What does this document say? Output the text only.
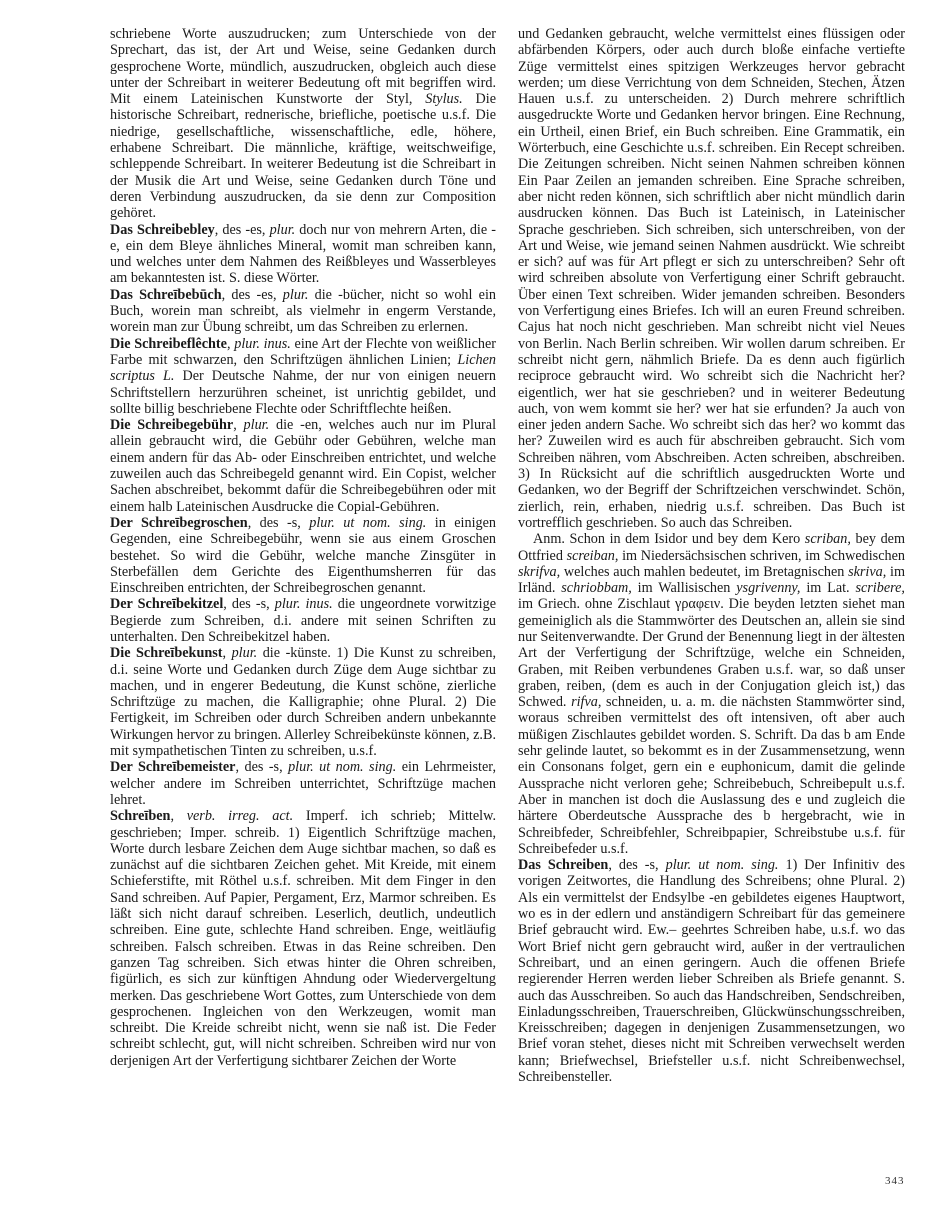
schriebene Worte auszudrucken; zum Unterschiede von der Sprechart, das ist, der Art und Weise, seine Gedanken durch gesprochene Worte, mündlich, auszudrucken, obgleich auch diese unter der Schreibart in weiterer Bedeutung oft mit begriffen wird. Mit einem Lateinischen Kunstworte der Styl, Stylus. Die historische Schreibart, rednerische, briefliche, poetische u.s.f. Die niedrige, gesellschaftliche, wissenschaftliche, edle, höhere, erhabene Schreibart. Die männliche, kräftige, weitschweifige, schleppende Schreibart. In weiterer Bedeutung ist die Schreibart in der Musik die Art und Weise, seine Gedanken durch Töne und deren Verbindung auszudrucken, da sie denn zur Composition gehöret.

Das Schreibebley, des -es, plur. doch nur von mehrern Arten, die -e, ein dem Bleye ähnliches Mineral, womit man schreiben kann, und welches unter dem Nahmen des Reißbleyes und Wasserbleyes am bekanntesten ist. S. diese Wörter.

Das Schreībebūch, des -es, plur. die -bücher, nicht so wohl ein Buch, worein man schreibt, als vielmehr in engerm Verstande, worein man zur Übung schreibt, um das Schreiben zu erlernen.

Die Schreibeflêchte, plur. inus. eine Art der Flechte von weißlicher Farbe mit schwarzen, den Schriftzügen ähnlichen Linien; Lichen scriptus L. Der Deutsche Nahme, der nur von einigen neuern Schriftstellern herzurühren scheinet, ist unrichtig gebildet, und sollte billig beschriebene Flechte oder Schriftflechte heißen.

Die Schreibegebühr, plur. die -en, welches auch nur im Plural allein gebraucht wird, die Gebühr oder Gebühren, welche man einem andern für das Ab- oder Einschreiben entrichtet, und welche zuweilen auch das Schreibegeld genannt wird. Ein Copist, welcher Sachen abschreibet, bekommt dafür die Schreibegebühren oder mit einem halb Lateinischen Ausdrucke die Copial-Gebühren.

Der Schreībegroschen, des -s, plur. ut nom. sing. in einigen Gegenden, eine Schreibegebühr, wenn sie aus einem Groschen bestehet. So wird die Gebühr, welche manche Zinsgüter in Sterbefällen dem Gerichte des Eigenthumsherren für das Einschreiben entrichten, der Schreibegroschen genannt.

Der Schreībekitzel, des -s, plur. inus. die ungeordnete vorwitzige Begierde zum Schreiben, d.i. andere mit seinen Schriften zu unterhalten. Den Schreibekitzel haben.

Die Schreībekunst, plur. die -künste. 1) Die Kunst zu schreiben, d.i. seine Worte und Gedanken durch Züge dem Auge sichtbar zu machen, und in engerer Bedeutung, die Kunst schöne, zierliche Schriftzüge zu machen, die Kalligraphie; ohne Plural. 2) Die Fertigkeit, im Schreiben oder durch Schreiben andern unbekannte Wirkungen hervor zu bringen. Allerley Schreibekünste können, z.B. mit sympathetischen Tinten zu schreiben, u.s.f.

Der Schreībemeister, des -s, plur. ut nom. sing. ein Lehrmeister, welcher andere im Schreiben unterrichtet, Schriftzüge machen lehret.

Schreīben, verb. irreg. act. Imperf. ich schrieb; Mittelw. geschrieben; Imper. schreib. 1) Eigentlich Schriftzüge machen, Worte durch lesbare Zeichen dem Auge sichtbar machen, so daß es zunächst auf die sichtbaren Zeichen gehet. Mit Kreide, mit einem Schieferstifte, mit Röthel u.s.f. schreiben. Mit dem Finger in den Sand schreiben. Auf Papier, Pergament, Erz, Marmor schreiben. Es läßt sich nicht darauf schreiben. Leserlich, deutlich, undeutlich schreiben. Eine gute, schlechte Hand schreiben. Enge, weitläufig schreiben. Falsch schreiben. Etwas in das Reine schreiben. Den ganzen Tag schreiben. Sich etwas hinter die Ohren schreiben, figürlich, es sich zur künftigen Ahndung oder Wiedervergeltung merken. Das geschriebene Wort Gottes, zum Unterschiede von dem gesprochenen. Ingleichen von den Werkzeugen, womit man schreibt. Die Kreide schreibt nicht, wenn sie naß ist. Die Feder schreibt schlecht, gut, will nicht schreiben. Schreiben wird nur von derjenigen Art der Verfertigung sichtbarer Zeichen der Worte

und Gedanken gebraucht, welche vermittelst eines flüssigen oder abfärbenden Körpers, oder auch durch bloße einfache vertiefte Züge vermittelst eines spitzigen Werkzeuges hervor gebracht werden; um diese Verrichtung von dem Schneiden, Stechen, Ätzen Hauen u.s.f. zu unterscheiden. 2) Durch mehrere schriftlich ausgedruckte Worte und Gedanken hervor bringen. Eine Rechnung, ein Urtheil, einen Brief, ein Buch schreiben. Eine Grammatik, ein Wörterbuch, eine Geschichte u.s.f. schreiben. Ein Recept schreiben. Die Zeitungen schreiben. Nicht seinen Nahmen schreiben können Ein Paar Zeilen an jemanden schreiben. Eine Sprache schreiben, aber nicht reden können, sich schriftlich aber nicht mündlich darin ausdrucken können. Das Buch ist Lateinisch, in Lateinischer Sprache geschrieben. Sich schreiben, sich unterschreiben, von der Art und Weise, wie jemand seinen Nahmen ausdrückt. Wie schreibt er sich? auf was für Art pflegt er sich zu unterschreiben? Sehr oft wird schreiben absolute von Verfertigung einer Schrift gebraucht. Über einen Text schreiben. Wider jemanden schreiben. Besonders von Verfertigung eines Briefes. Ich will an euren Freund schreiben. Cajus hat noch nicht geschrieben. Man schreibt nicht viel Neues von Berlin. Nach Berlin schreiben. Wir wollen darum schreiben. Er schreibt nicht gern, nähmlich Briefe. Da es denn auch figürlich reciproce gebraucht wird. Wo schreibt sich die Nachricht her? eigentlich, wer hat sie geschrieben? und in weiterer Bedeutung auch, von wem kommt sie her? wer hat sie erfunden? Ja auch von einer jeden andern Sache. Wo schreibt sich das her? wo kommt das her? Zuweilen wird es auch für abschreiben gebraucht. Sich vom Schreiben nähren, vom Abschreiben. Acten schreiben, abschreiben. 3) In Rücksicht auf die schriftlich ausgedruckten Worte und Gedanken, wo der Begriff der Schriftzeichen verschwindet. Schön, zierlich, rein, erhaben, niedrig u.s.f. schreiben. Das Buch ist vortrefflich geschrieben. So auch das Schreiben.

Anm. Schon in dem Isidor und bey dem Kero scriban, bey dem Ottfried screiban, im Niedersächsischen schriven, im Schwedischen skrifva, welches auch mahlen bedeutet, im Bretagnischen skriva, im Irländ. schriobbam, im Wallisischen ysgrivenny, im Lat. scribere, im Griech. ohne Zischlaut γραφειν. Die beyden letzten siehet man gemeiniglich als die Stammwörter des Deutschen an, allein sie sind nur Seitenverwandte. Der Grund der Benennung liegt in der ältesten Art der Verfertigung der Schriftzüge, welche ein Schneiden, Graben, mit Reiben verbundenes Graben u.s.f. war, so daß unser graben, reiben, (dem es auch in der Conjugation gleich ist,) das Schwed. rifva, schneiden, u. a. m. die nächsten Stammwörter sind, woraus schreiben vermittelst des oft intensiven, oft aber auch müßigen Zischlautes gebildet worden. S. Schrift. Da das b am Ende sehr gelinde lautet, so bekommt es in der Zusammensetzung, wenn ein Consonans folget, gern ein e euphonicum, damit die gelinde Aussprache nicht verloren gehe; Schreibebuch, Schreibepult u.s.f. Aber in manchen ist doch die Auslassung des e und zugleich die härtere Oberdeutsche Aussprache des b hergebracht, wie in Schreibfeder, Schreibfehler, Schreibpapier, Schreibstube u.s.f. für Schreibefeder u.s.f.

Das Schreiben, des -s, plur. ut nom. sing. 1) Der Infinitiv des vorigen Zeitwortes, die Handlung des Schreibens; ohne Plural. 2) Als ein vermittelst der Endsylbe -en gebildetes eigenes Hauptwort, wo es in der edlern und anständigern Schreibart für das gemeinere Brief gebraucht wird. Ew.– geehrtes Schreiben habe, u.s.f. wo das Wort Brief nicht gern gebraucht wird, außer in der vertraulichen Schreibart, und an einen geringern. Auch die offenen Briefe regierender Herren werden lieber Schreiben als Briefe genannt. S. auch das Ausschreiben. So auch das Handschreiben, Sendschreiben, Einladungsschreiben, Trauerschreiben, Glückwünschungsschreiben, Kreisschreiben; dagegen in denjenigen Zusammensetzungen, wo Brief voran stehet, dieses nicht mit Schreiben verwechselt werden kann; Briefwechsel, Briefsteller u.s.f. nicht Schreibenwechsel, Schreibensteller.

343
